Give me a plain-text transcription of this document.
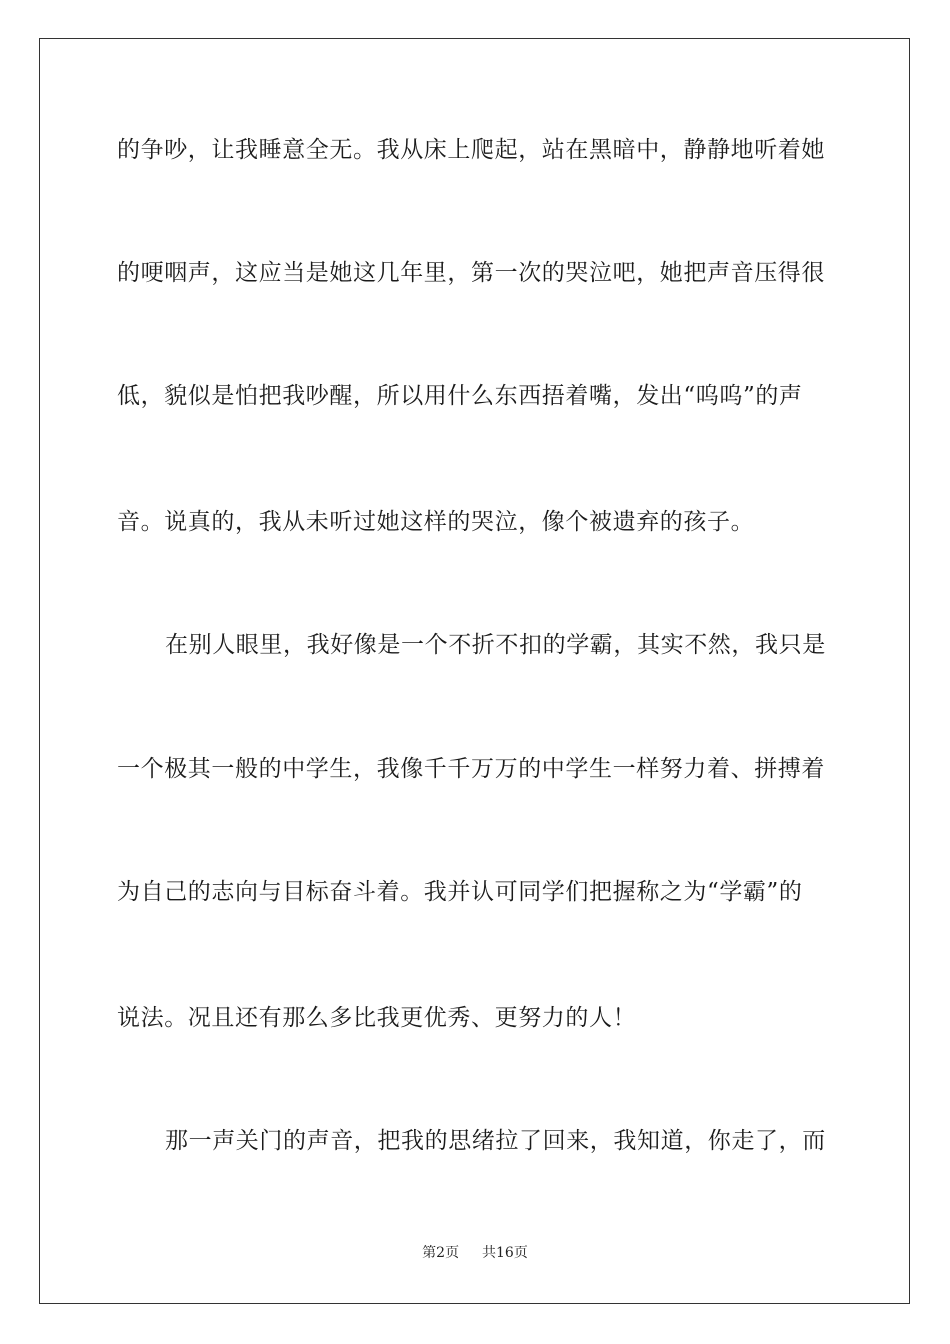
的争吵，让我睡意全无。我从床上爬起，站在黑暗中，静静地听着她
的哽咽声，这应当是她这几年里，第一次的哭泣吧，她把声音压得很
低，貌似是怕把我吵醒，所以用什么东西捂着嘴，发出“呜呜”的声
音。说真的，我从未听过她这样的哭泣，像个被遗弃的孩子。
在别人眼里，我好像是一个不折不扣的学霸，其实不然，我只是
一个极其一般的中学生，我像千千万万的中学生一样努力着、拼搏着
为自己的志向与目标奋斗着。我并认可同学们把握称之为“学霸”的
说法。况且还有那么多比我更优秀、更努力的人！
那一声关门的声音，把我的思绪拉了回来，我知道，你走了，而
第2页 共16页
